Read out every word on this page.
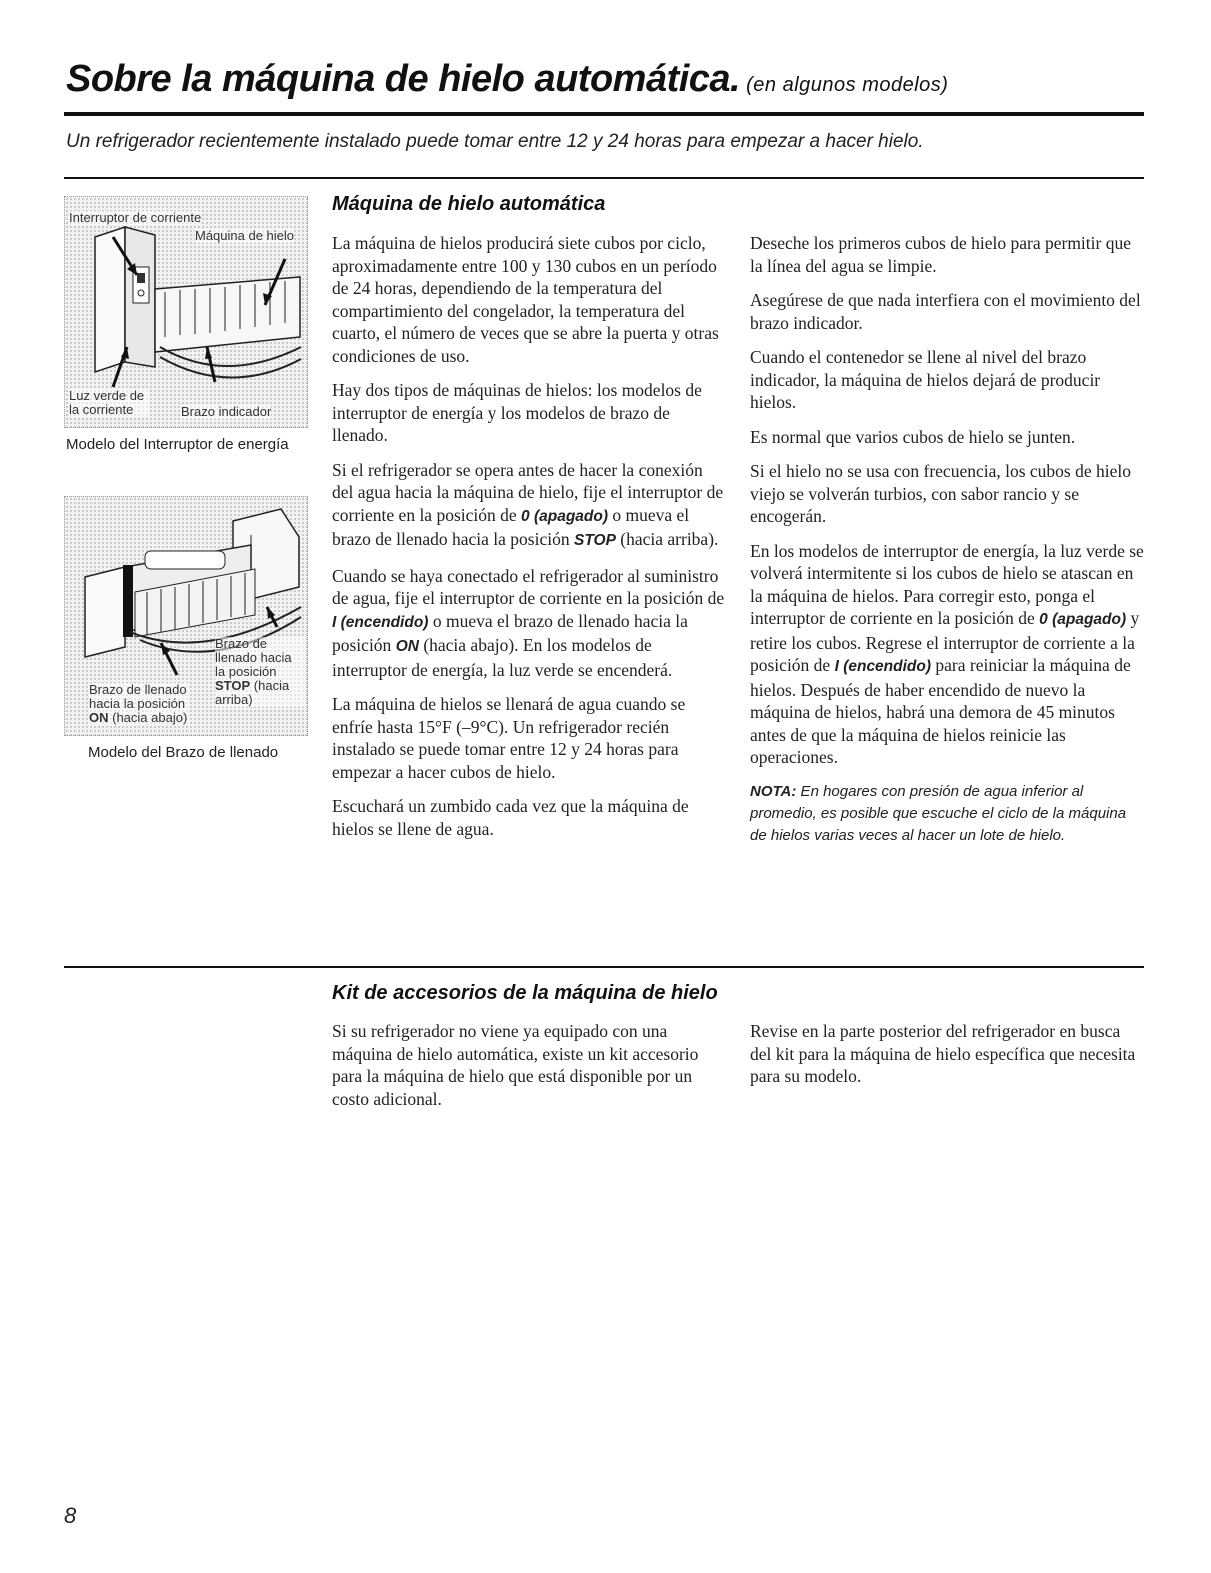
Sobre la máquina de hielo automática. (en algunos modelos)
Un refrigerador recientemente instalado puede tomar entre 12 y 24 horas para empezar a hacer hielo.
Interruptor de corriente
Máquina de hielo
Luz verde de la corriente	Brazo indicador
Modelo del Interruptor de energía
Brazo de llenado hacia la posición STOP (hacia arriba)
Brazo de llenado hacia la posición ON (hacia abajo)
Modelo del Brazo de llenado
Máquina de hielo automática

La máquina de hielos producirá siete cubos por ciclo, aproximadamente entre 100 y 130 cubos en un período de 24 horas, dependiendo de la temperatura del compartimiento del congelador, la temperatura del cuarto, el número de veces que se abre la puerta y otras condiciones de uso.

Hay dos tipos de máquinas de hielos: los modelos de interruptor de energía y los modelos de brazo de llenado.

Si el refrigerador se opera antes de hacer la conexión del agua hacia la máquina de hielo, fije el interruptor de corriente en la posición de 0 (apagado) o mueva el brazo de llenado hacia la posición STOP (hacia arriba).

Cuando se haya conectado el refrigerador al suministro de agua, fije el interruptor de corriente en la posición de I (encendido) o mueva el brazo de llenado hacia la posición ON (hacia abajo). En los modelos de interruptor de energía, la luz verde se encenderá.

La máquina de hielos se llenará de agua cuando se enfríe hasta 15°F (–9°C). Un refrigerador recién instalado se puede tomar entre 12 y 24 horas para empezar a hacer cubos de hielo.

Escuchará un zumbido cada vez que la máquina de hielos se llene de agua.

Deseche los primeros cubos de hielo para permitir que la línea del agua se limpie.

Asegúrese de que nada interfiera con el movimiento del brazo indicador.

Cuando el contenedor se llene al nivel del brazo indicador, la máquina de hielos dejará de producir hielos.

Es normal que varios cubos de hielo se junten.

Si el hielo no se usa con frecuencia, los cubos de hielo viejo se volverán turbios, con sabor rancio y se encogerán.

En los modelos de interruptor de energía, la luz verde se volverá intermitente si los cubos de hielo se atascan en la máquina de hielos. Para corregir esto, ponga el interruptor de corriente en la posición de 0 (apagado) y retire los cubos. Regrese el interruptor de corriente a la posición de I (encendido) para reiniciar la máquina de hielos. Después de haber encendido de nuevo la máquina de hielos, habrá una demora de 45 minutos antes de que la máquina de hielos reinicie las operaciones.

NOTA: En hogares con presión de agua inferior al promedio, es posible que escuche el ciclo de la máquina de hielos varias veces al hacer un lote de hielo.

Kit de accesorios de la máquina de hielo

Si su refrigerador no viene ya equipado con una máquina de hielo automática, existe un kit accesorio para la máquina de hielo que está disponible por un costo adicional.

Revise en la parte posterior del refrigerador en busca del kit para la máquina de hielo específica que necesita para su modelo.

8
